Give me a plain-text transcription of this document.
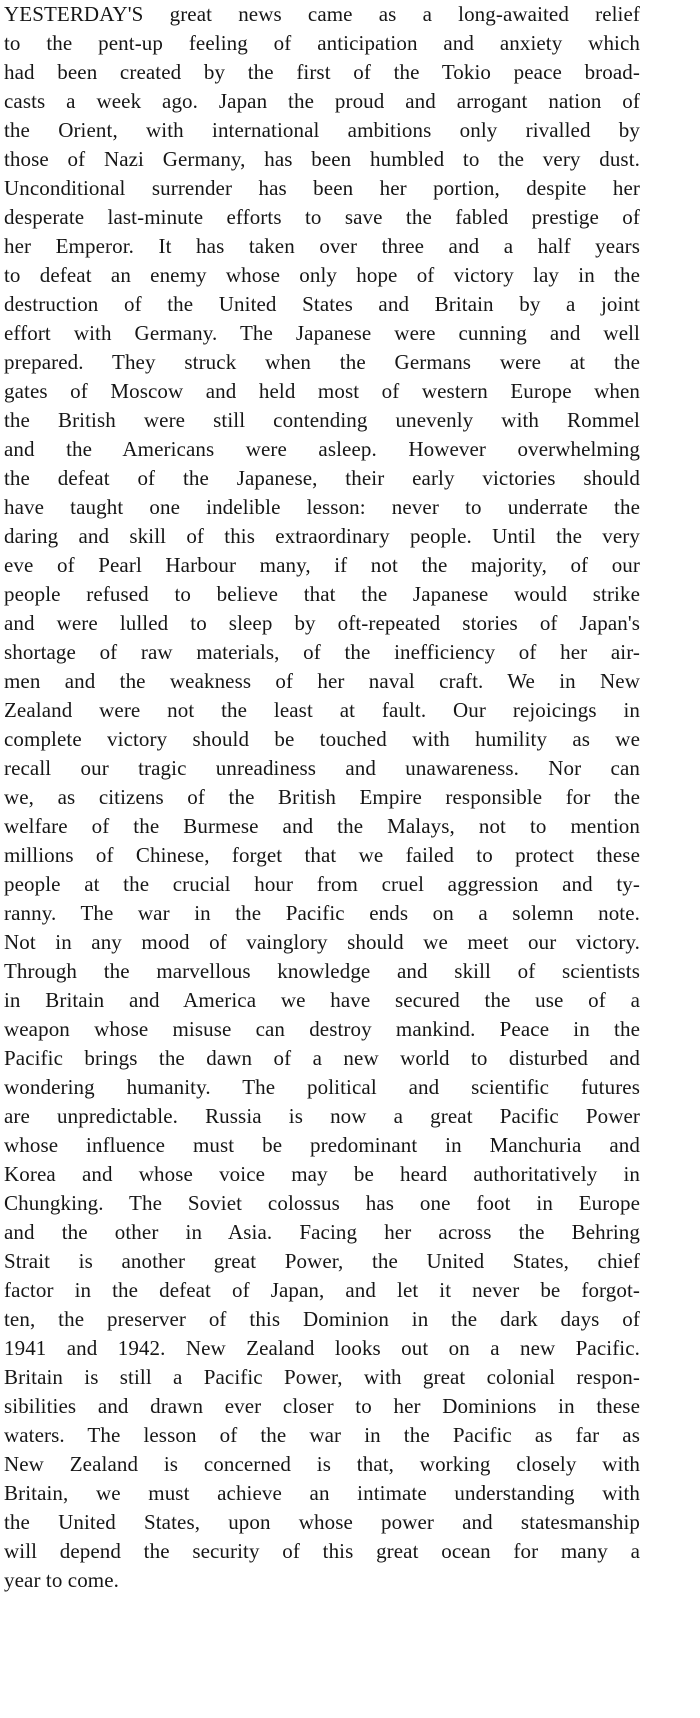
YESTERDAY'S great news came as a long-awaited relief
to the pent-up feeling of anticipation and anxiety which
had been created by the first of the Tokio peace broad-
casts a week ago. Japan the proud and arrogant nation of
the Orient, with international ambitions only rivalled by
those of Nazi Germany, has been humbled to the very dust.
Unconditional surrender has been her portion, despite her
desperate last-minute efforts to save the fabled prestige of
her Emperor. It has taken over three and a half years
to defeat an enemy whose only hope of victory lay in the
destruction of the United States and Britain by a joint
effort with Germany. The Japanese were cunning and well
prepared. They struck when the Germans were at the
gates of Moscow and held most of western Europe when
the British were still contending unevenly with Rommel
and the Americans were asleep. However overwhelming
the defeat of the Japanese, their early victories should
have taught one indelible lesson: never to underrate the
daring and skill of this extraordinary people. Until the very
eve of Pearl Harbour many, if not the majority, of our
people refused to believe that the Japanese would strike
and were lulled to sleep by oft-repeated stories of Japan's
shortage of raw materials, of the inefficiency of her air-
men and the weakness of her naval craft. We in New
Zealand were not the least at fault. Our rejoicings in
complete victory should be touched with humility as we
recall our tragic unreadiness and unawareness. Nor can
we, as citizens of the British Empire responsible for the
welfare of the Burmese and the Malays, not to mention
millions of Chinese, forget that we failed to protect these
people at the crucial hour from cruel aggression and ty-
ranny. The war in the Pacific ends on a solemn note.
Not in any mood of vainglory should we meet our victory.
Through the marvellous knowledge and skill of scientists
in Britain and America we have secured the use of a
weapon whose misuse can destroy mankind. Peace in the
Pacific brings the dawn of a new world to disturbed and
wondering humanity. The political and scientific futures
are unpredictable. Russia is now a great Pacific Power
whose influence must be predominant in Manchuria and
Korea and whose voice may be heard authoritatively in
Chungking. The Soviet colossus has one foot in Europe
and the other in Asia. Facing her across the Behring
Strait is another great Power, the United States, chief
factor in the defeat of Japan, and let it never be forgot-
ten, the preserver of this Dominion in the dark days of
1941 and 1942. New Zealand looks out on a new Pacific.
Britain is still a Pacific Power, with great colonial respon-
sibilities and drawn ever closer to her Dominions in these
waters. The lesson of the war in the Pacific as far as
New Zealand is concerned is that, working closely with
Britain, we must achieve an intimate understanding with
the United States, upon whose power and statesmanship
will depend the security of this great ocean for many a
year to come.
